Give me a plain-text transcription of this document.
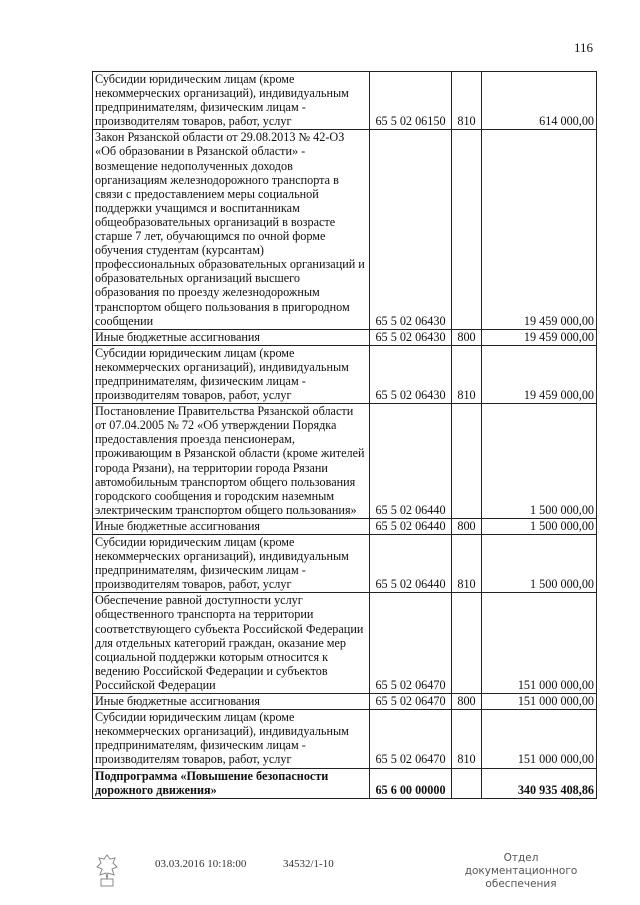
116
Субсидии юридическим лицам (кроме некоммерческих организаций), индивидуальным предпринимателям, физическим лицам - производителям товаров, работ, услуг	65 5 02 06150	810	614 000,00
Закон Рязанской области от 29.08.2013 № 42-ОЗ «Об образовании в Рязанской области» - возмещение недополученных доходов организациям железнодорожного транспорта в связи с предоставлением меры социальной поддержки учащимся и воспитанникам общеобразовательных организаций в возрасте старше 7 лет, обучающимся по очной форме обучения студентам (курсантам) профессиональных образовательных организаций и образовательных организаций высшего образования по проезду железнодорожным транспортом общего пользования в пригородном сообщении	65 5 02 06430		19 459 000,00
Иные бюджетные ассигнования	65 5 02 06430	800	19 459 000,00
Субсидии юридическим лицам (кроме некоммерческих организаций), индивидуальным предпринимателям, физическим лицам - производителям товаров, работ, услуг	65 5 02 06430	810	19 459 000,00
Постановление Правительства Рязанской области от 07.04.2005 № 72 «Об утверждении Порядка предоставления проезда пенсионерам, проживающим в Рязанской области (кроме жителей города Рязани), на территории города Рязани автомобильным транспортом общего пользования городского сообщения и городским наземным электрическим транспортом общего пользования»	65 5 02 06440		1 500 000,00
Иные бюджетные ассигнования	65 5 02 06440	800	1 500 000,00
Субсидии юридическим лицам (кроме некоммерческих организаций), индивидуальным предпринимателям, физическим лицам - производителям товаров, работ, услуг	65 5 02 06440	810	1 500 000,00
Обеспечение равной доступности услуг общественного транспорта на территории соответствующего субъекта Российской Федерации для отдельных категорий граждан, оказание мер социальной поддержки которым относится к ведению Российской Федерации и субъектов Российской Федерации	65 5 02 06470		151 000 000,00
Иные бюджетные ассигнования	65 5 02 06470	800	151 000 000,00
Субсидии юридическим лицам (кроме некоммерческих организаций), индивидуальным предпринимателям, физическим лицам - производителям товаров, работ, услуг	65 5 02 06470	810	151 000 000,00
Подпрограмма «Повышение безопасности дорожного движения»	65 6 00 00000		340 935 408,86
03.03.2016 10:18:00	34532/1-10	Отдел документационного
обеспечения
